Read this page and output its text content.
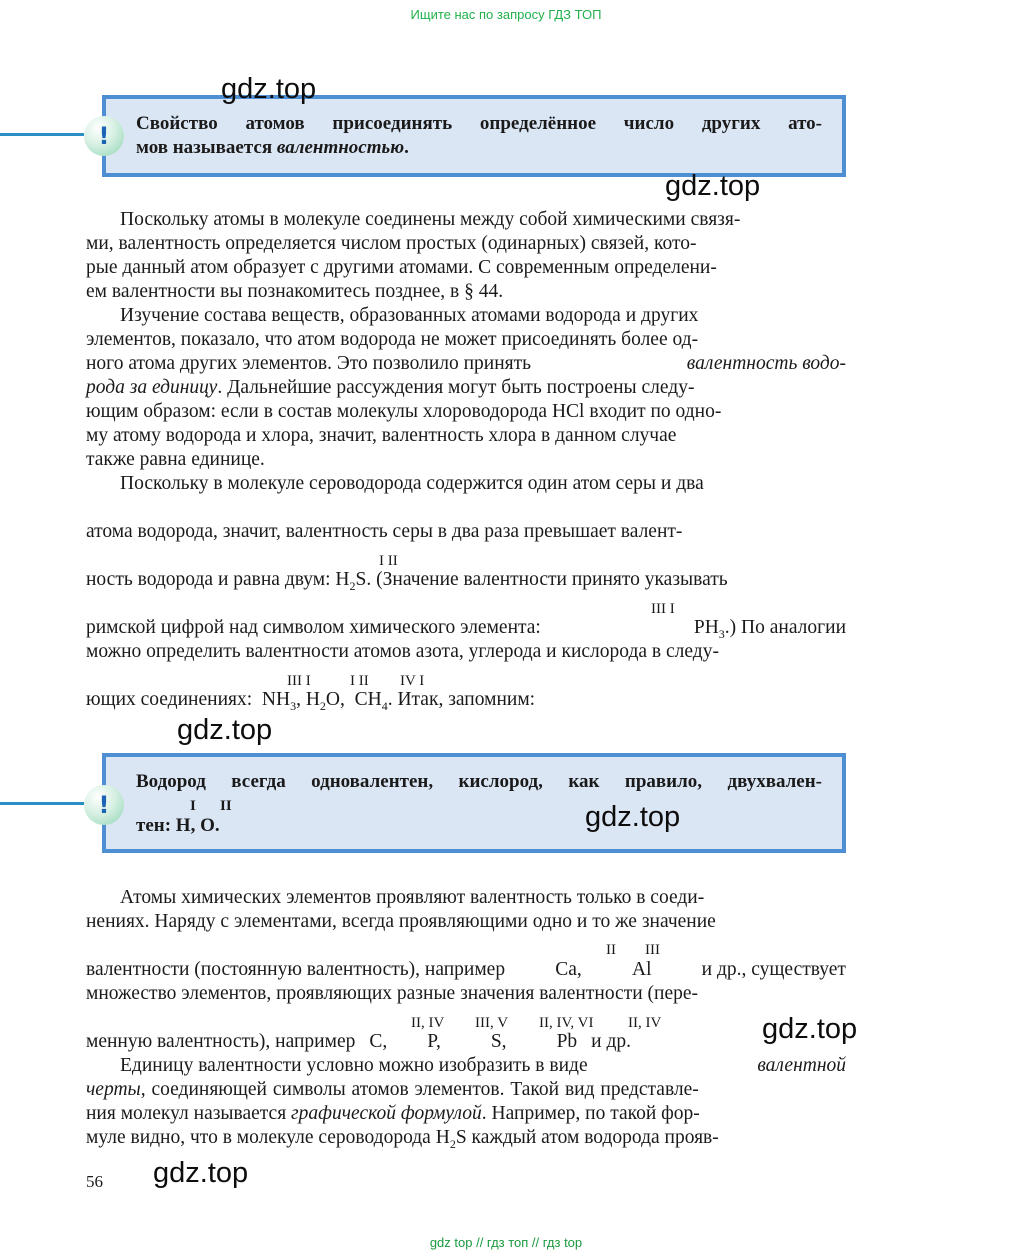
Ищите нас по запросу ГДЗ ТОП
!	Свойство атомов присоединять определённое число других ато-
мов называется валентностью.
gdz.top
gdz.top
Поскольку атомы в молекуле соединены между собой химическими связя-
ми, валентность определяется числом простых (одинарных) связей, кото-
рые данный атом образует с другими атомами. С современным определени-
ем валентности вы познакомитесь позднее, в § 44.
Изучение состава веществ, образованных атомами водорода и других
элементов, показало, что атом водорода не может присоединять более од-
ного атома других элементов. Это позволило принять	валентность водо-
рода за единицу . Дальнейшие рассуждения могут быть построены следу-
ющим образом: если в состав молекулы хлороводорода HCl входит по одно-
му атому водорода и хлора, значит, валентность хлора в данном случае
также равна единице.
Поскольку в молекуле сероводорода содержится один атом серы и два
атома водорода, значит, валентность серы в два раза превышает валент-
I II
ность водорода и равна двум:
$H_2S$ . (Значение валентности принято указывать
III I
римской цифрой над символом химического элемента:	$PH_3$.) По аналогии
можно определить валентности атомов азота, углерода и кислорода в следу-
III I	I II IV I
ющих соединениях:
$NH_3$ , $H_2O$ , $CH_4$ . Итак, запомним:
gdz.top
!
Водород всегда одновалентен, кислород, как правило, двухвален-
I II
тен: H, O.	gdz.top
Атомы химических элементов проявляют валентность только в соеди-
нениях. Наряду с элементами, всегда проявляющими одно и то же значение
II III
валентности (постоянную валентность), например	Ca,	Al	и др., существует
множество элементов, проявляющих разные значения валентности (пере-
II, IV III, V II, IV, VI II, IV
менную валентность), например C, P,	S,	Pb и др.	gdz.top
Единицу валентности условно можно изобразить в виде	валентной
черты , соединяющей символы атомов элементов. Такой вид представле-
ния молекул называется
графической формулой . Например, по такой фор-
муле видно, что в молекуле сероводорода
$H_2S$
каждый атом водорода прояв-
56 gdz.top
gdz top // гдз топ // гдз top
